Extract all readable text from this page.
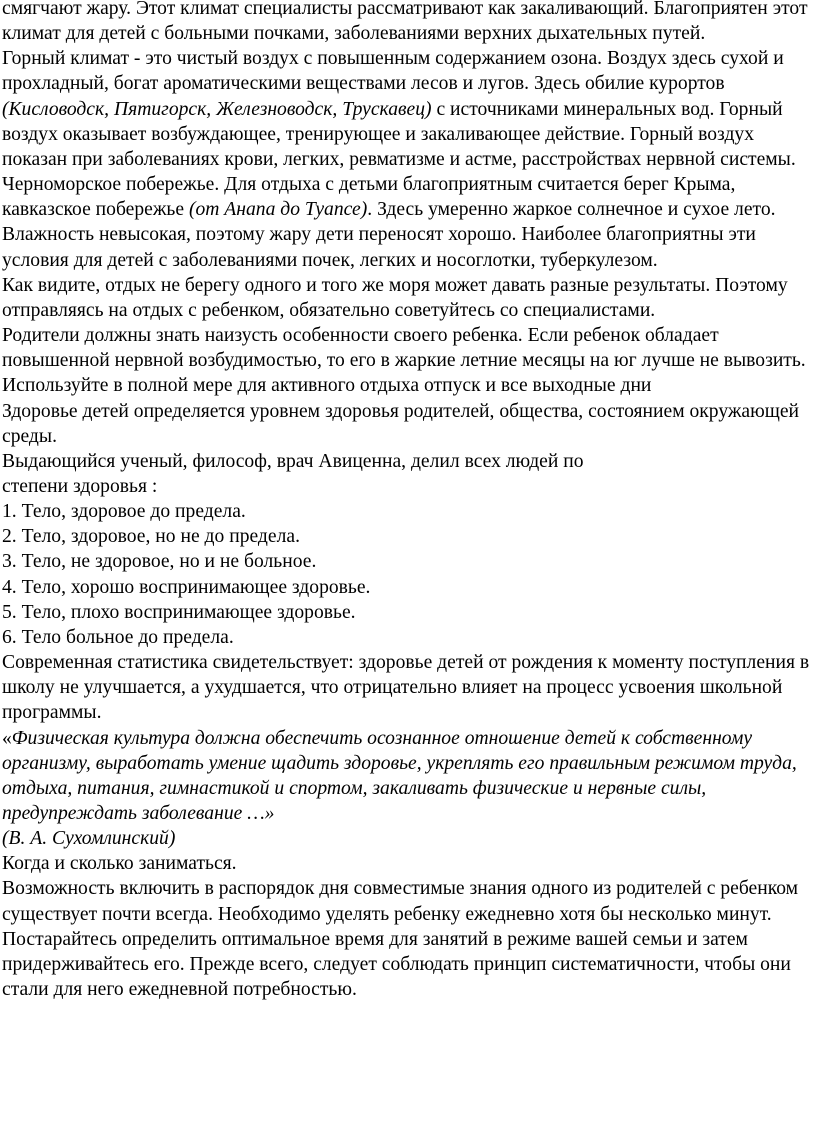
смягчают жару. Этот климат специалисты рассматривают как закаливающий. Благоприятен этот климат для детей с больными почками, заболеваниями верхних дыхательных путей.

Горный климат - это чистый воздух с повышенным содержанием озона. Воздух здесь сухой и прохладный, богат ароматическими веществами лесов и лугов. Здесь обилие курортов (Кисловодск, Пятигорск, Железноводск, Трускавец) с источниками минеральных вод. Горный воздух оказывает возбуждающее, тренирующее и закаливающее действие. Горный воздух показан при заболеваниях крови, легких, ревматизме и астме, расстройствах нервной системы.

Черноморское побережье. Для отдыха с детьми благоприятным считается берег Крыма, кавказское побережье (от Анапа до Туапсе). Здесь умеренно жаркое солнечное и сухое лето. Влажность невысокая, поэтому жару дети переносят хорошо. Наиболее благоприятны эти условия для детей с заболеваниями почек, легких и носоглотки, туберкулезом.

Как видите, отдых не берегу одного и того же моря может давать разные результаты. Поэтому отправляясь на отдых с ребенком, обязательно советуйтесь со специалистами.

Родители должны знать наизусть особенности своего ребенка. Если ребенок обладает повышенной нервной возбудимостью, то его в жаркие летние месяцы на юг лучше не вывозить. Используйте в полной мере для активного отдыха отпуск и все выходные дни

Здоровье детей определяется уровнем здоровья родителей, общества, состоянием окружающей среды.

Выдающийся ученый, философ, врач Авиценна, делил всех людей по
степени здоровья :

1. Тело, здоровое до предела.
2. Тело, здоровое, но не до предела.
3. Тело, не здоровое, но и не больное.
4. Тело, хорошо воспринимающее здоровье.
5. Тело, плохо воспринимающее здоровье.
6. Тело больное до предела.

Современная статистика свидетельствует: здоровье детей от рождения к моменту поступления в школу не улучшается, а ухудшается, что отрицательно влияет на процесс усвоения школьной программы.

«Физическая культура должна обеспечить осознанное отношение детей к собственному организму, выработать умение щадить здоровье, укреплять его правильным режимом труда, отдыха, питания, гимнастикой и спортом, закаливать физические и нервные силы, предупреждать заболевание …»

(В. А. Сухомлинский)

Когда и сколько заниматься.

Возможность включить в распорядок дня совместимые знания одного из родителей с ребенком существует почти всегда. Необходимо уделять ребенку ежедневно хотя бы несколько минут. Постарайтесь определить оптимальное время для занятий в режиме вашей семьи и затем придерживайтесь его. Прежде всего, следует соблюдать принцип систематичности, чтобы они стали для него ежедневной потребностью.
